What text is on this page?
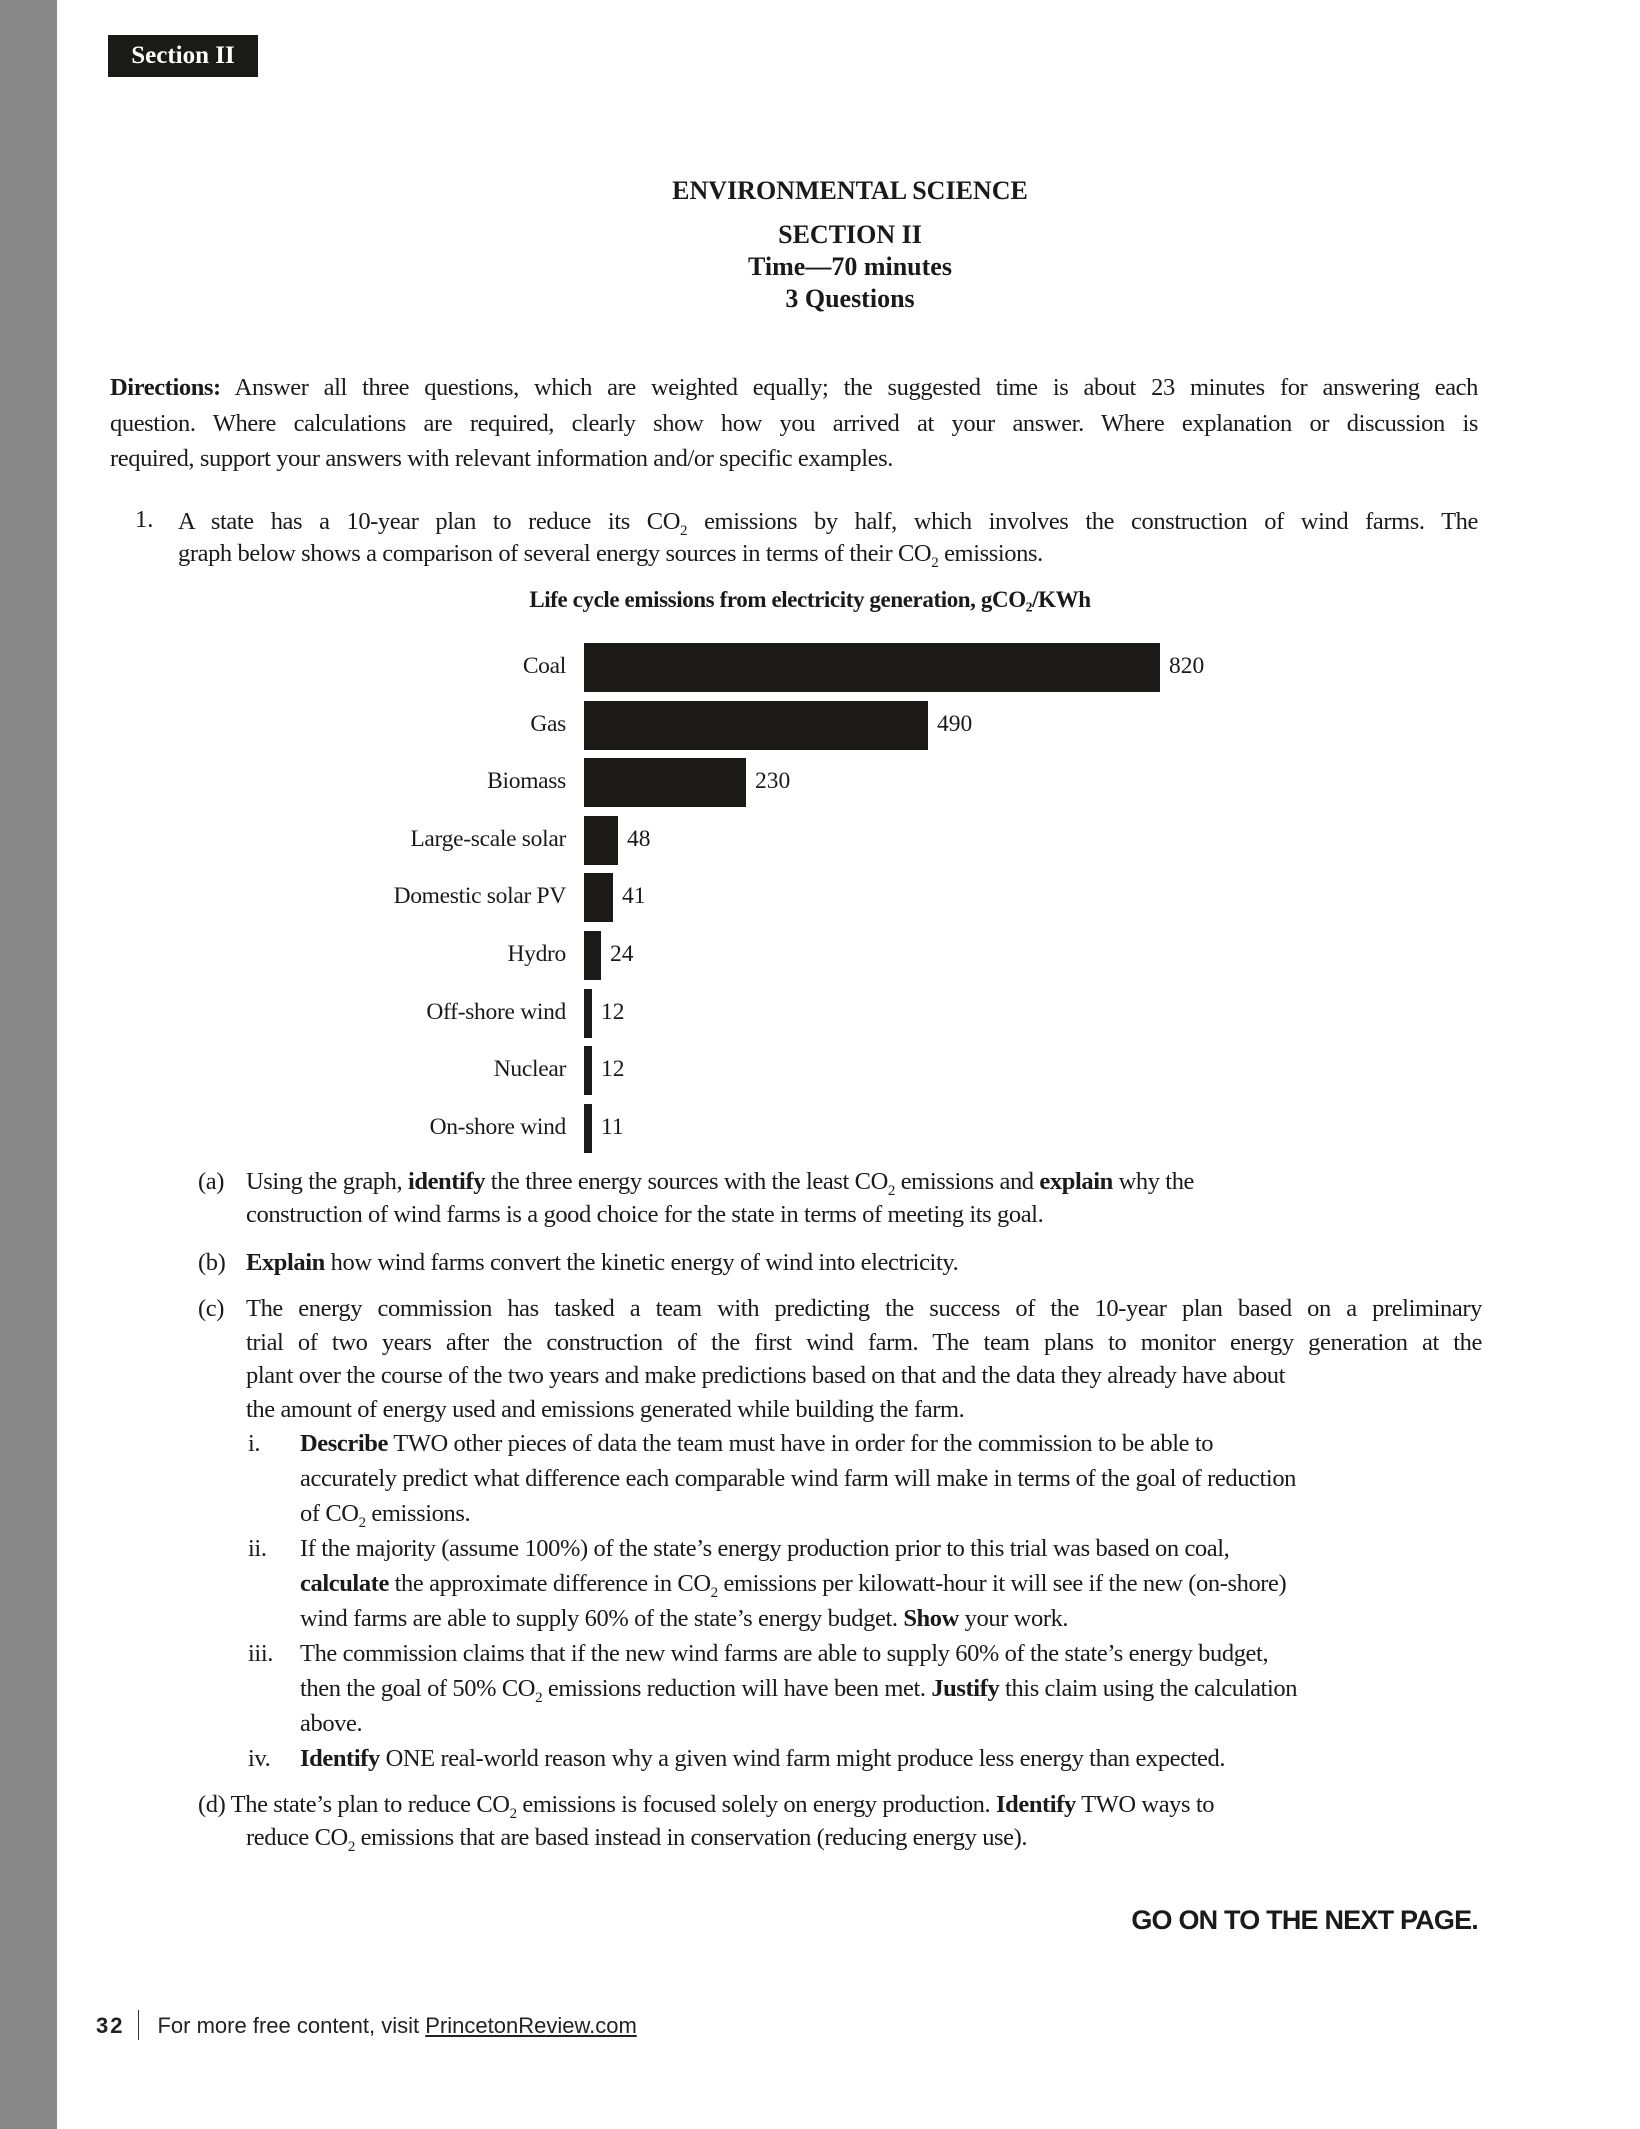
Section II
ENVIRONMENTAL SCIENCE
SECTION II
Time—70 minutes
3 Questions
Directions: Answer all three questions, which are weighted equally; the suggested time is about 23 minutes for answering each
question. Where calculations are required, clearly show how you arrived at your answer. Where explanation or discussion is
required, support your answers with relevant information and/or specific examples.
1. A state has a 10-year plan to reduce its $CO_2$ emissions by half, which involves the construction of wind farms. The
graph below shows a comparison of several energy sources in terms of their $CO_2$ emissions.
Life cycle emissions from electricity generation, gCO₂/KWh
Coal	820
Gas	490
Biomass	230
Large-scale solar	48
Domestic solar PV 41
Hydro 24
Off-shore wind 12
Nuclear 12
On-shore wind 11
(a) Using the graph, identify the three energy sources with the least $CO_2$ emissions and explain why the
construction of wind farms is a good choice for the state in terms of meeting its goal.
(b) Explain how wind farms convert the kinetic energy of wind into electricity.
(c) The energy commission has tasked a team with predicting the success of the 10-year plan based on a preliminary
trial of two years after the construction of the first wind farm. The team plans to monitor energy generation at the
plant over the course of the two years and make predictions based on that and the data they already have about
the amount of energy used and emissions generated while building the farm.
i. Describe TWO other pieces of data the team must have in order for the commission to be able to
accurately predict what difference each comparable wind farm will make in terms of the goal of reduction
of $CO_2$ emissions.
ii. If the majority (assume 100%) of the state’s energy production prior to this trial was based on coal,
calculate the approximate difference in $CO_2$ emissions per kilowatt-hour it will see if the new (on-shore)
wind farms are able to supply 60% of the state’s energy budget. Show your work.
iii. The commission claims that if the new wind farms are able to supply 60% of the state’s energy budget,
then the goal of 50% $CO_2$ emissions reduction will have been met. Justify this claim using the calculation
above.
iv. Identify ONE real-world reason why a given wind farm might produce less energy than expected.
(d) The state’s plan to reduce $CO_2$ emissions is focused solely on energy production. Identify TWO ways to
reduce $CO_2$ emissions that are based instead in conservation (reducing energy use).
GO ON TO THE NEXT PAGE.
32 For more free content, visit PrincetonReview.com
